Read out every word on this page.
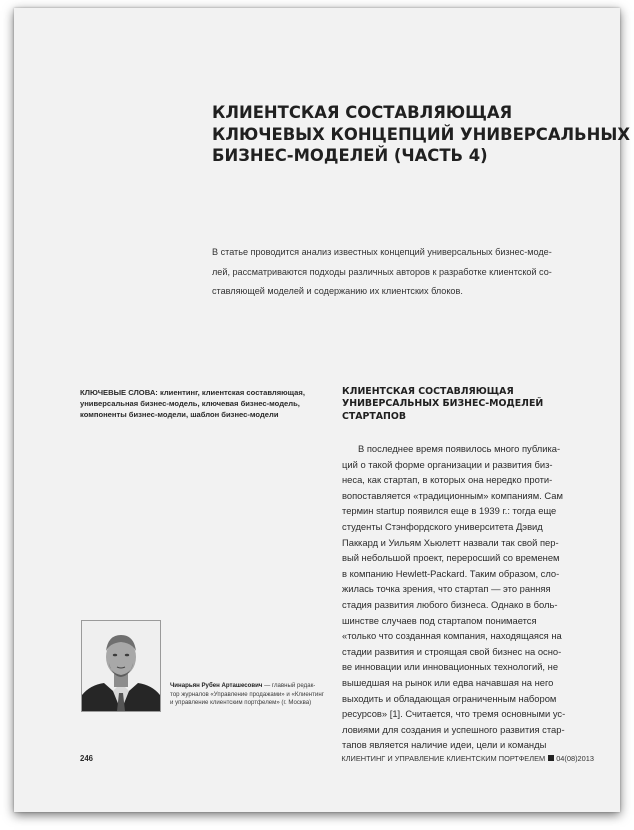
КЛИЕНТСКАЯ СОСТАВЛЯЮЩАЯ
КЛЮЧЕВЫХ КОНЦЕПЦИЙ УНИВЕРСАЛЬНЫХ
БИЗНЕС-МОДЕЛЕЙ (ЧАСТЬ 4)

В статье проводится анализ известных концепций универсальных бизнес-моде-
лей, рассматриваются подходы различных авторов к разработке клиентской со-
ставляющей моделей и содержанию их клиентских блоков.

КЛЮЧЕВЫЕ СЛОВА: клиентинг, клиентская составляющая,
универсальная бизнес-модель, ключевая бизнес-модель,
компоненты бизнес-модели, шаблон бизнес-модели

КЛИЕНТСКАЯ СОСТАВЛЯЮЩАЯ
УНИВЕРСАЛЬНЫХ БИЗНЕС-МОДЕЛЕЙ
СТАРТАПОВ

В последнее время появилось много публика-
ций о такой форме организации и развития биз-
неса, как стартап, в которых она нередко проти-
вопоставляется «традиционным» компаниям. Сам
термин startup появился еще в 1939 г.: тогда еще
студенты Стэнфордского университета Дэвид
Паккард и Уильям Хьюлетт назвали так свой пер-
вый небольшой проект, переросший со временем
в компанию Hewlett-Packard. Таким образом, сло-
жилась точка зрения, что стартап — это ранняя
стадия развития любого бизнеса. Однако в боль-
шинстве случаев под стартапом понимается
«только что созданная компания, находящаяся на
стадии развития и строящая свой бизнес на осно-
ве инновации или инновационных технологий, не
вышедшая на рынок или едва начавшая на него
выходить и обладающая ограниченным набором
ресурсов» [1]. Считается, что тремя основными ус-
ловиями для создания и успешного развития стар-
тапов является наличие идеи, цели и команды

Чинарьян Рубен Арташесович — главный редак-
тор журналов «Управление продажами» и «Клиентинг
и управление клиентским портфелем» (г. Москва)

246	КЛИЕНТИНГ И УПРАВЛЕНИЕ КЛИЕНТСКИМ ПОРТФЕЛЕМ 04(08)2013
